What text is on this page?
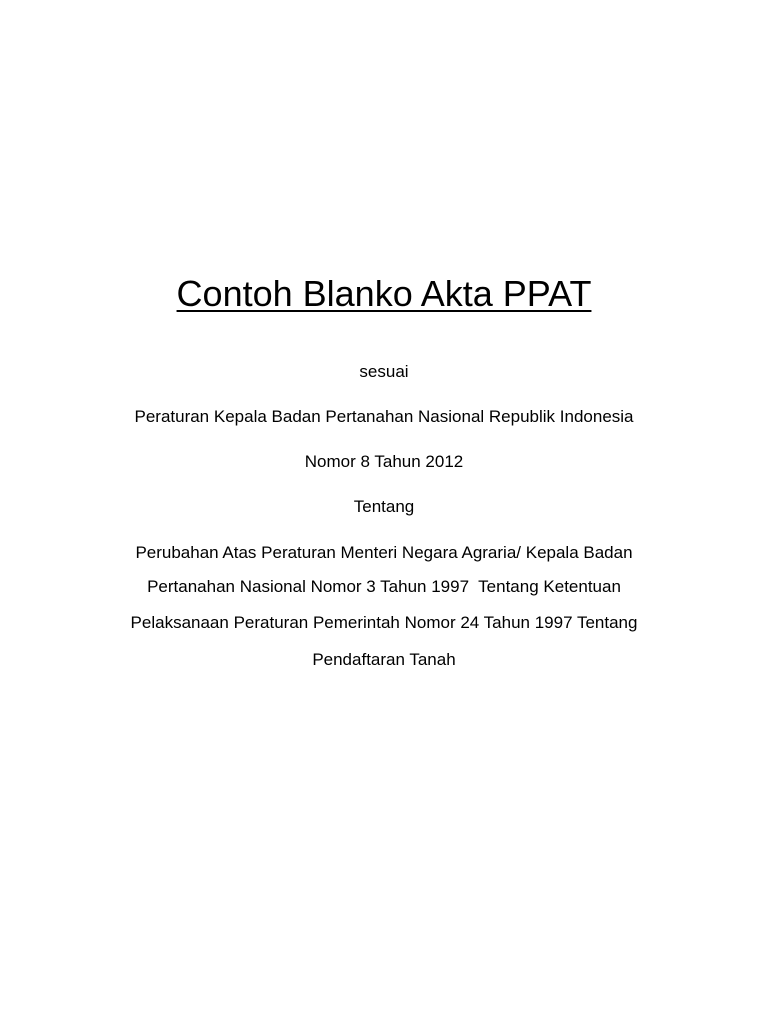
Contoh Blanko Akta PPAT

sesuai

Peraturan Kepala Badan Pertanahan Nasional Republik Indonesia

Nomor 8 Tahun 2012

Tentang

Perubahan Atas Peraturan Menteri Negara Agraria/ Kepala Badan

Pertanahan Nasional Nomor 3 Tahun 1997  Tentang Ketentuan

Pelaksanaan Peraturan Pemerintah Nomor 24 Tahun 1997 Tentang

Pendaftaran Tanah
